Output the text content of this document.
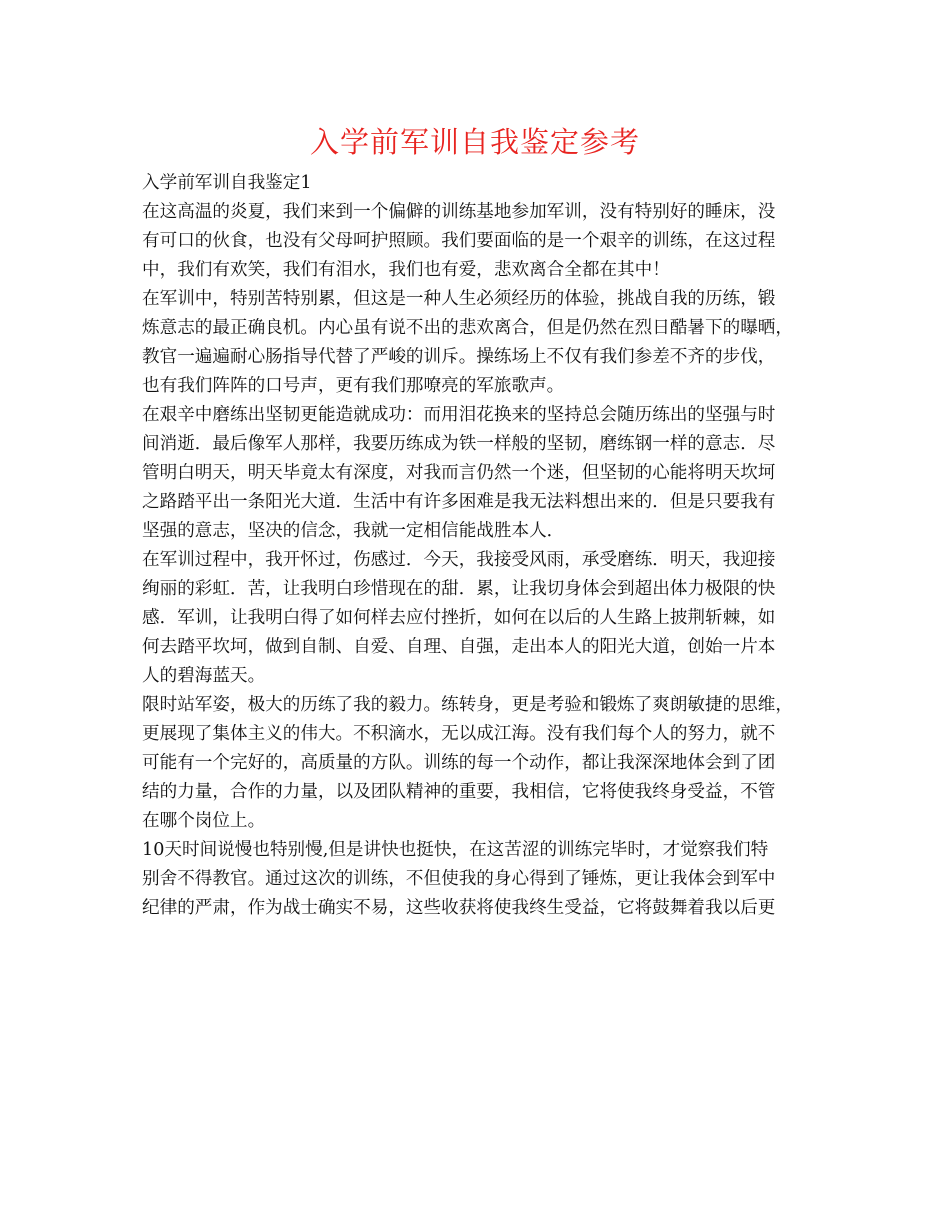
入学前军训自我鉴定参考
入学前军训自我鉴定1
在这高温的炎夏，我们来到一个偏僻的训练基地参加军训，没有特别好的睡床，没
有可口的伙食，也没有父母呵护照顾。我们要面临的是一个艰辛的训练，在这过程
中，我们有欢笑，我们有泪水，我们也有爱，悲欢离合全都在其中！
在军训中，特别苦特别累，但这是一种人生必须经历的体验，挑战自我的历练，锻
炼意志的最正确良机。内心虽有说不出的悲欢离合，但是仍然在烈日酷暑下的曝晒，
教官一遍遍耐心肠指导代替了严峻的训斥。操练场上不仅有我们参差不齐的步伐，
也有我们阵阵的口号声，更有我们那嘹亮的军旅歌声。
在艰辛中磨练出坚韧更能造就成功：而用泪花换来的坚持总会随历练出的坚强与时
间消逝．最后像军人那样，我要历练成为铁一样般的坚韧，磨练钢一样的意志．尽
管明白明天，明天毕竟太有深度，对我而言仍然一个迷，但坚韧的心能将明天坎坷
之路踏平出一条阳光大道．生活中有许多困难是我无法料想出来的．但是只要我有
坚强的意志，坚决的信念，我就一定相信能战胜本人．
在军训过程中，我开怀过，伤感过．今天，我接受风雨，承受磨练．明天，我迎接
绚丽的彩虹．苦，让我明白珍惜现在的甜．累，让我切身体会到超出体力极限的快
感．军训，让我明白得了如何样去应付挫折，如何在以后的人生路上披荆斩棘，如
何去踏平坎坷，做到自制、自爱、自理、自强，走出本人的阳光大道，创始一片本
人的碧海蓝天。
限时站军姿，极大的历练了我的毅力。练转身，更是考验和锻炼了爽朗敏捷的思维，
更展现了集体主义的伟大。不积滴水，无以成江海。没有我们每个人的努力，就不
可能有一个完好的，高质量的方队。训练的每一个动作，都让我深深地体会到了团
结的力量，合作的力量，以及团队精神的重要，我相信，它将使我终身受益，不管
在哪个岗位上。
10天时间说慢也特别慢,但是讲快也挺快，在这苦涩的训练完毕时，才觉察我们特
别舍不得教官。通过这次的训练，不但使我的身心得到了锤炼，更让我体会到军中
纪律的严肃，作为战士确实不易，这些收获将使我终生受益，它将鼓舞着我以后更
